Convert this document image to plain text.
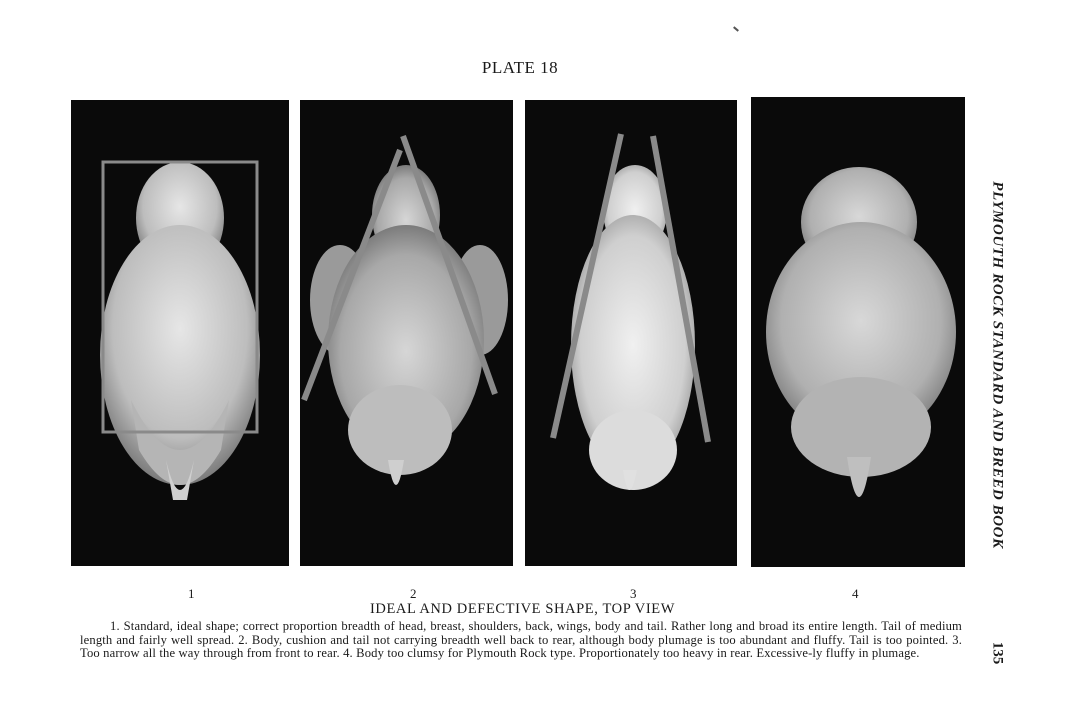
PLATE 18
1	2	3	4
IDEAL AND DEFECTIVE SHAPE, TOP VIEW
1. Standard, ideal shape; correct proportion breadth of head, breast, shoulders, back, wings, body and tail. Rather long and broad its entire length. Tail of medium length and fairly well spread. 2. Body, cushion and tail not carrying breadth well back to rear, although body plumage is too abundant and fluffy. Tail is too pointed. 3. Too narrow all the way through from front to rear. 4. Body too clumsy for Plymouth Rock type. Proportionately too heavy in rear. Excessive-ly fluffy in plumage.
PLYMOUTH ROCK STANDARD AND BREED BOOK
135
